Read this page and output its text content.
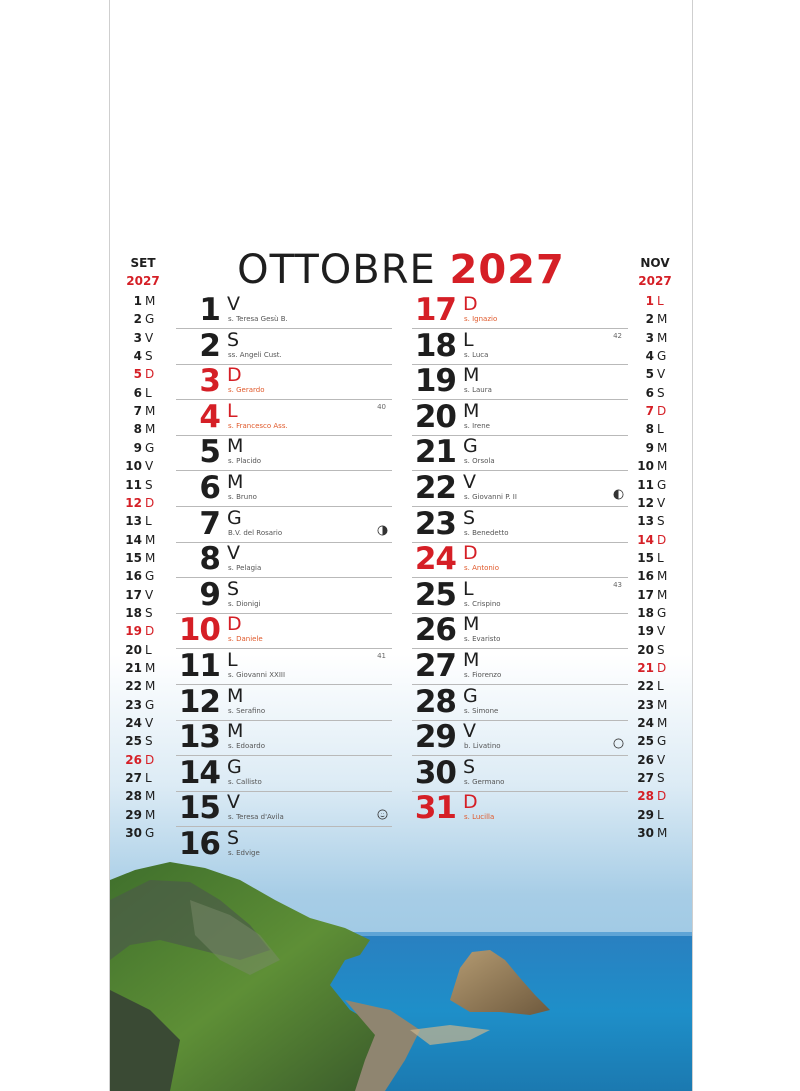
OTTOBRE 2027
1 V
s. Teresa Gesù B.
2 S
ss. Angeli Cust.
3 D
s. Gerardo
4 L
s. Francesco Ass.
40
5 M
s. Placido
6 M
s. Bruno
7 G
B.V. del Rosario
8 V
s. Pelagia
9 S
s. Dionigi
10 D
s. Daniele
11 L
s. Giovanni XXIII
41
12 M
s. Serafino
13 M
s. Edoardo
14 G
s. Callisto
15 V
s. Teresa d'Avila
16 S
s. Edvige
17 D
s. Ignazio
18 L
s. Luca
42
19 M
s. Laura
20 M
s. Irene
21 G
s. Orsola
22 V
s. Giovanni P. II
23 S
s. Benedetto
24 D
s. Antonio
25 L
s. Crispino
43
26 M
s. Evaristo
27 M
s. Fiorenzo
28 G
s. Simone
29 V
b. Livatino
30 S
s. Germano
31 D
s. Lucilla
SET
2027
1 M
2 G
3 V
4 S
5 D
6 L
7 M
8 M
9 G
10 V
11 S
12 D
13 L
14 M
15 M
16 G
17 V
18 S
19 D
20 L
21 M
22 M
23 G
24 V
25 S
26 D
27 L
28 M
29 M
30 G
NOV
2027
1 L
2 M
3 M
4 G
5 V
6 S
7 D
8 L
9 M
10 M
11 G
12 V
13 S
14 D
15 L
16 M
17 M
18 G
19 V
20 S
21 D
22 L
23 M
24 M
25 G
26 V
27 S
28 D
29 L
30 M
